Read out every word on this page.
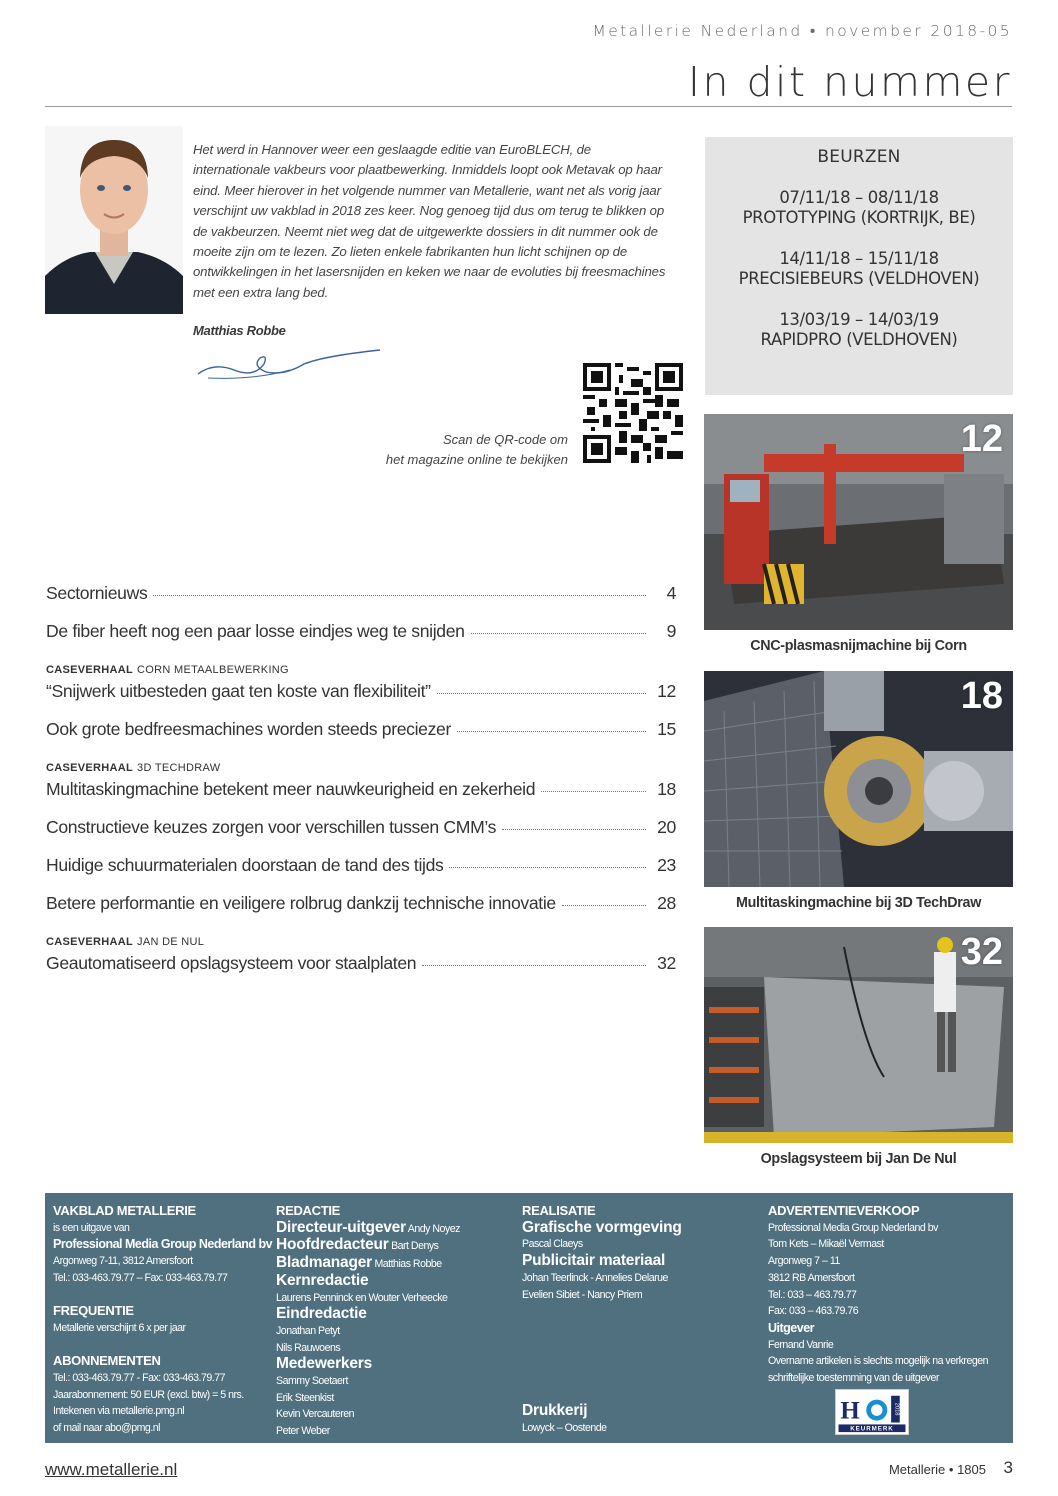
Metallerie Nederland • november 2018-05
In dit nummer
Het werd in Hannover weer een geslaagde editie van EuroBLECH, de internationale vakbeurs voor plaatbewerking. Inmiddels loopt ook Metavak op haar eind. Meer hierover in het volgende nummer van Metallerie, want net als vorig jaar verschijnt uw vakblad in 2018 zes keer. Nog genoeg tijd dus om terug te blikken op de vakbeurzen. Neemt niet weg dat de uitgewerkte dossiers in dit nummer ook de moeite zijn om te lezen. Zo lieten enkele fabrikanten hun licht schijnen op de ontwikkelingen in het lasersnijden en keken we naar de evoluties bij freesmachines met een extra lang bed.
Matthias Robbe
Scan de QR-code om
het magazine online te bekijken
BEURZEN
07/11/18 – 08/11/18
PROTOTYPING (KORTRIJK, BE)
14/11/18 – 15/11/18
PRECISIEBEURS (VELDHOVEN)
13/03/19 – 14/03/19
RAPIDPRO (VELDHOVEN)
12
CNC-plasmasnijmachine bij Corn
18
Multitaskingmachine bij 3D TechDraw
32
Opslagsysteem bij Jan De Nul
Sectornieuws	4
De fiber heeft nog een paar losse eindjes weg te snijden	9
CASEVERHAAL CORN METAALBEWERKING
“Snijwerk uitbesteden gaat ten koste van flexibiliteit”	12
Ook grote bedfreesmachines worden steeds preciezer	15
CASEVERHAAL 3D TECHDRAW
Multitaskingmachine betekent meer nauwkeurigheid en zekerheid	18
Constructieve keuzes zorgen voor verschillen tussen CMM’s	20
Huidige schuurmaterialen doorstaan de tand des tijds	23
Betere performantie en veiligere rolbrug dankzij technische innovatie	28
CASEVERHAAL JAN DE NUL
Geautomatiseerd opslagsysteem voor staalplaten	32
VAKBLAD METALLERIE
is een uitgave van
Professional Media Group Nederland bv
Argonweg 7-11, 3812 Amersfoort
Tel.: 033-463.79.77 – Fax: 033-463.79.77
FREQUENTIE
Metallerie verschijnt 6 x per jaar
ABONNEMENTEN
Tel.: 033-463.79.77 - Fax: 033-463.79.77
Jaarabonnement: 50 EUR (excl. btw) = 5 nrs.
Intekenen via metallerie.pmg.nl
of mail naar abo@pmg.nl
REDACTIE
Directeur-uitgever Andy Noyez
Hoofdredacteur Bart Denys
Bladmanager Matthias Robbe
Kernredactie
Laurens Penninck en Wouter Verheecke
Eindredactie
Jonathan Petyt
Nils Rauwoens
Medewerkers
Sammy Soetaert
Erik Steenkist
Kevin Vercauteren
Peter Weber
REALISATIE
Grafische vormgeving
Pascal Claeys
Publicitair materiaal
Johan Teerlinck - Annelies Delarue
Evelien Sibiet - Nancy Priem
Drukkerij
Lowyck – Oostende
ADVERTENTIEVERKOOP
Professional Media Group Nederland bv
Tom Kets – Mikaël Vermast
Argonweg 7 – 11
3812 RB Amersfoort
Tel.: 033 – 463.79.77
Fax: 033 – 463.79.76
Uitgever
Fernand Vanrie
Overname artikelen is slechts mogelijk na verkregen
schriftelijke toestemming van de uitgever
H	2018
KEURMERK
www.metallerie.nl	Metallerie • 1805 3
